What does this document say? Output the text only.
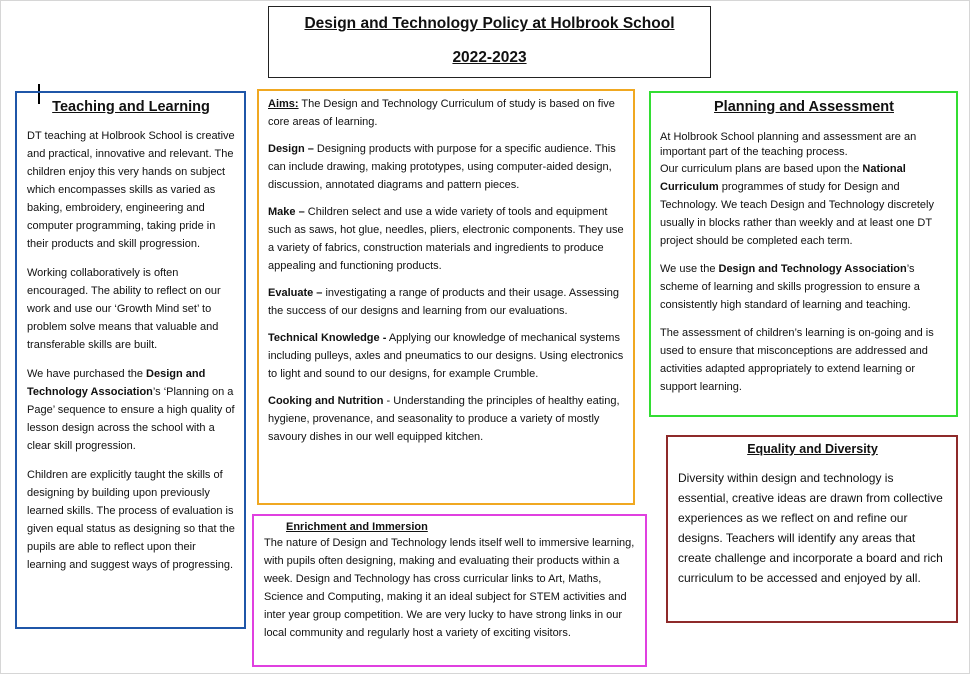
Design and Technology Policy at Holbrook School
2022-2023
Teaching and Learning

DT teaching at Holbrook School is creative and practical, innovative and relevant. The children enjoy this very hands on subject which encompasses skills as varied as baking, embroidery, engineering and computer programming, taking pride in their products and skill progression.

Working collaboratively is often encouraged. The ability to reflect on our work and use our ‘Growth Mind set’ to problem solve means that valuable and transferable skills are built.

We have purchased the Design and Technology Association’s ‘Planning on a Page’ sequence to ensure a high quality of lesson design across the school with a clear skill progression.

Children are explicitly taught the skills of designing by building upon previously learned skills. The process of evaluation is given equal status as designing so that the pupils are able to reflect upon their learning and suggest ways of progressing.

Aims: The Design and Technology Curriculum of study is based on five core areas of learning.

Design – Designing products with purpose for a specific audience. This can include drawing, making prototypes, using computer-aided design, discussion, annotated diagrams and pattern pieces.

Make – Children select and use a wide variety of tools and equipment such as saws, hot glue, needles, pliers, electronic components. They use a variety of fabrics, construction materials and ingredients to produce appealing and functioning products.

Evaluate – investigating a range of products and their usage. Assessing the success of our designs and learning from our evaluations.

Technical Knowledge - Applying our knowledge of mechanical systems including pulleys, axles and pneumatics to our designs. Using electronics to light and sound to our designs, for example Crumble.

Cooking and Nutrition - Understanding the principles of healthy eating, hygiene, provenance, and seasonality to produce a variety of mostly savoury dishes in our well equipped kitchen.

Planning and Assessment

At Holbrook School planning and assessment are an important part of the teaching process.

Our curriculum plans are based upon the National Curriculum programmes of study for Design and Technology. We teach Design and Technology discretely usually in blocks rather than weekly and at least one DT project should be completed each term.

We use the Design and Technology Association’s scheme of learning and skills progression to ensure a consistently high standard of learning and teaching.

The assessment of children’s learning is on-going and is used to ensure that misconceptions are addressed and activities adapted appropriately to extend learning or support learning.

Enrichment and Immersion

The nature of Design and Technology lends itself well to immersive learning, with pupils often designing, making and evaluating their products within a week. Design and Technology has cross curricular links to Art, Maths, Science and Computing, making it an ideal subject for STEM activities and inter year group competition. We are very lucky to have strong links in our local community and regularly host a variety of exciting visitors.

Equality and Diversity

Diversity within design and technology is essential, creative ideas are drawn from collective experiences as we reflect on and refine our designs. Teachers will identify any areas that create challenge and incorporate a board and rich curriculum to be accessed and enjoyed by all.
